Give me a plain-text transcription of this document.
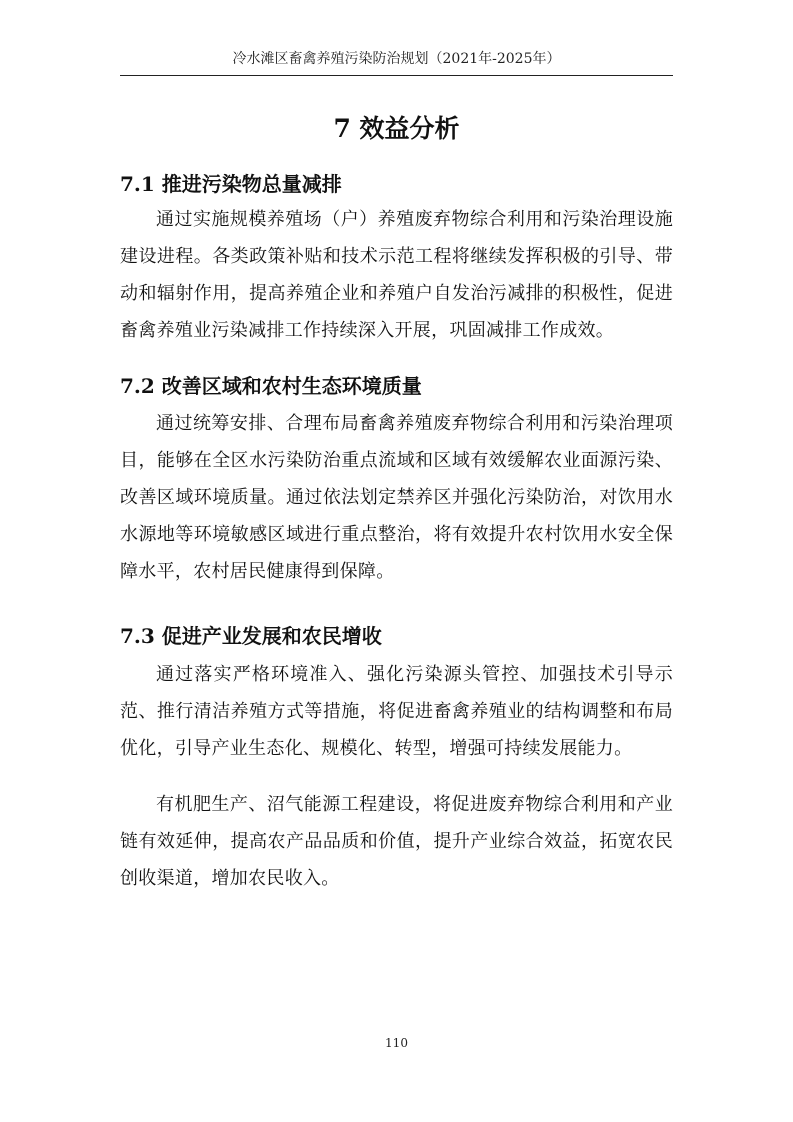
冷水滩区畜禽养殖污染防治规划（2021年-2025年）
7 效益分析
7.1 推进污染物总量减排

通过实施规模养殖场（户）养殖废弃物综合利用和污染治理设施建设进程。各类政策补贴和技术示范工程将继续发挥积极的引导、带动和辐射作用，提高养殖企业和养殖户自发治污减排的积极性，促进畜禽养殖业污染减排工作持续深入开展，巩固减排工作成效。

7.2 改善区域和农村生态环境质量

通过统筹安排、合理布局畜禽养殖废弃物综合利用和污染治理项目，能够在全区水污染防治重点流域和区域有效缓解农业面源污染、改善区域环境质量。通过依法划定禁养区并强化污染防治，对饮用水水源地等环境敏感区域进行重点整治，将有效提升农村饮用水安全保障水平，农村居民健康得到保障。

7.3 促进产业发展和农民增收

通过落实严格环境准入、强化污染源头管控、加强技术引导示范、推行清洁养殖方式等措施，将促进畜禽养殖业的结构调整和布局优化，引导产业生态化、规模化、转型，增强可持续发展能力。

有机肥生产、沼气能源工程建设，将促进废弃物综合利用和产业链有效延伸，提高农产品品质和价值，提升产业综合效益，拓宽农民创收渠道，增加农民收入。

110
